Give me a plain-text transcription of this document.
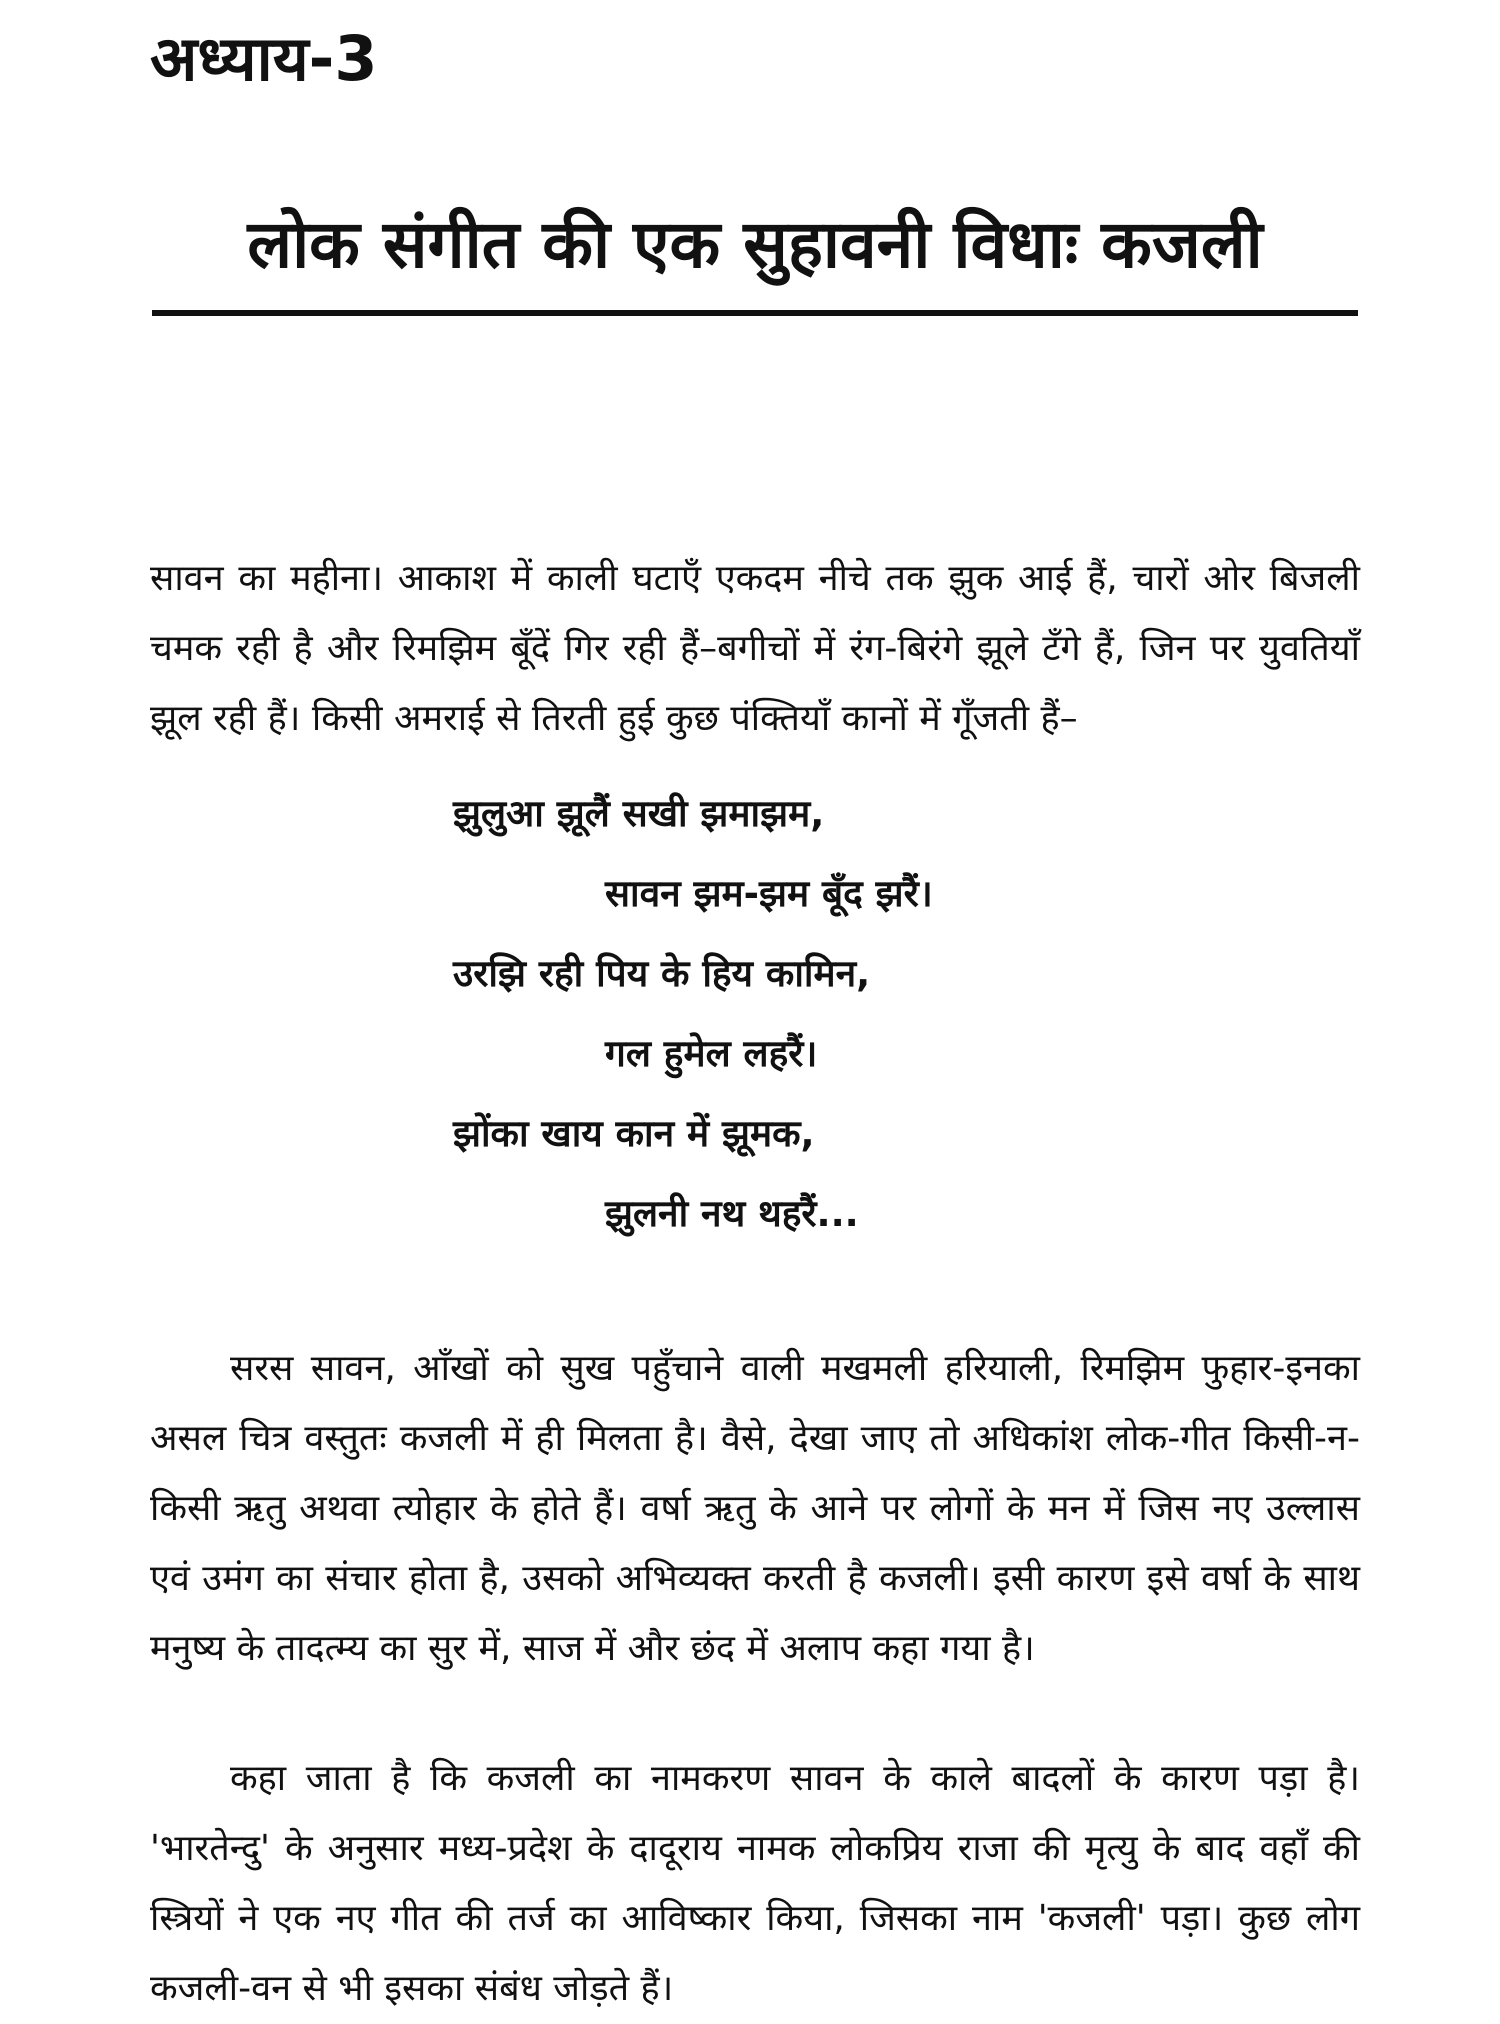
अध्याय-3
लोक संगीत की एक सुहावनी विधाः कजली

सावन का महीना। आकाश में काली घटाएँ एकदम नीचे तक झुक आई हैं, चारों ओर बिजली चमक रही है और रिमझिम बूँदें गिर रही हैं–बगीचों में रंग-बिरंगे झूले टँगे हैं, जिन पर युवतियाँ झूल रही हैं। किसी अमराई से तिरती हुई कुछ पंक्तियाँ कानों में गूँजती हैं–

झुलुआ झूलैं सखी झमाझम,
सावन झम-झम बूँद झरैं।
उरझि रही पिय के हिय कामिन,
गल हुमेल लहरैं।
झोंका खाय कान में झूमक,
झुलनी नथ थहरैं...

सरस सावन, आँखों को सुख पहुँचाने वाली मखमली हरियाली, रिमझिम फुहार-इनका असल चित्र वस्तुतः कजली में ही मिलता है। वैसे, देखा जाए तो अधिकांश लोक-गीत किसी-न-किसी ऋतु अथवा त्योहार के होते हैं। वर्षा ऋतु के आने पर लोगों के मन में जिस नए उल्लास एवं उमंग का संचार होता है, उसको अभिव्यक्त करती है कजली। इसी कारण इसे वर्षा के साथ मनुष्य के तादत्म्य का सुर में, साज में और छंद में अलाप कहा गया है।

कहा जाता है कि कजली का नामकरण सावन के काले बादलों के कारण पड़ा है। 'भारतेन्दु' के अनुसार मध्य-प्रदेश के दादूराय नामक लोकप्रिय राजा की मृत्यु के बाद वहाँ की स्त्रियों ने एक नए गीत की तर्ज का आविष्कार किया, जिसका नाम 'कजली' पड़ा। कुछ लोग कजली-वन से भी इसका संबंध जोड़ते हैं।
